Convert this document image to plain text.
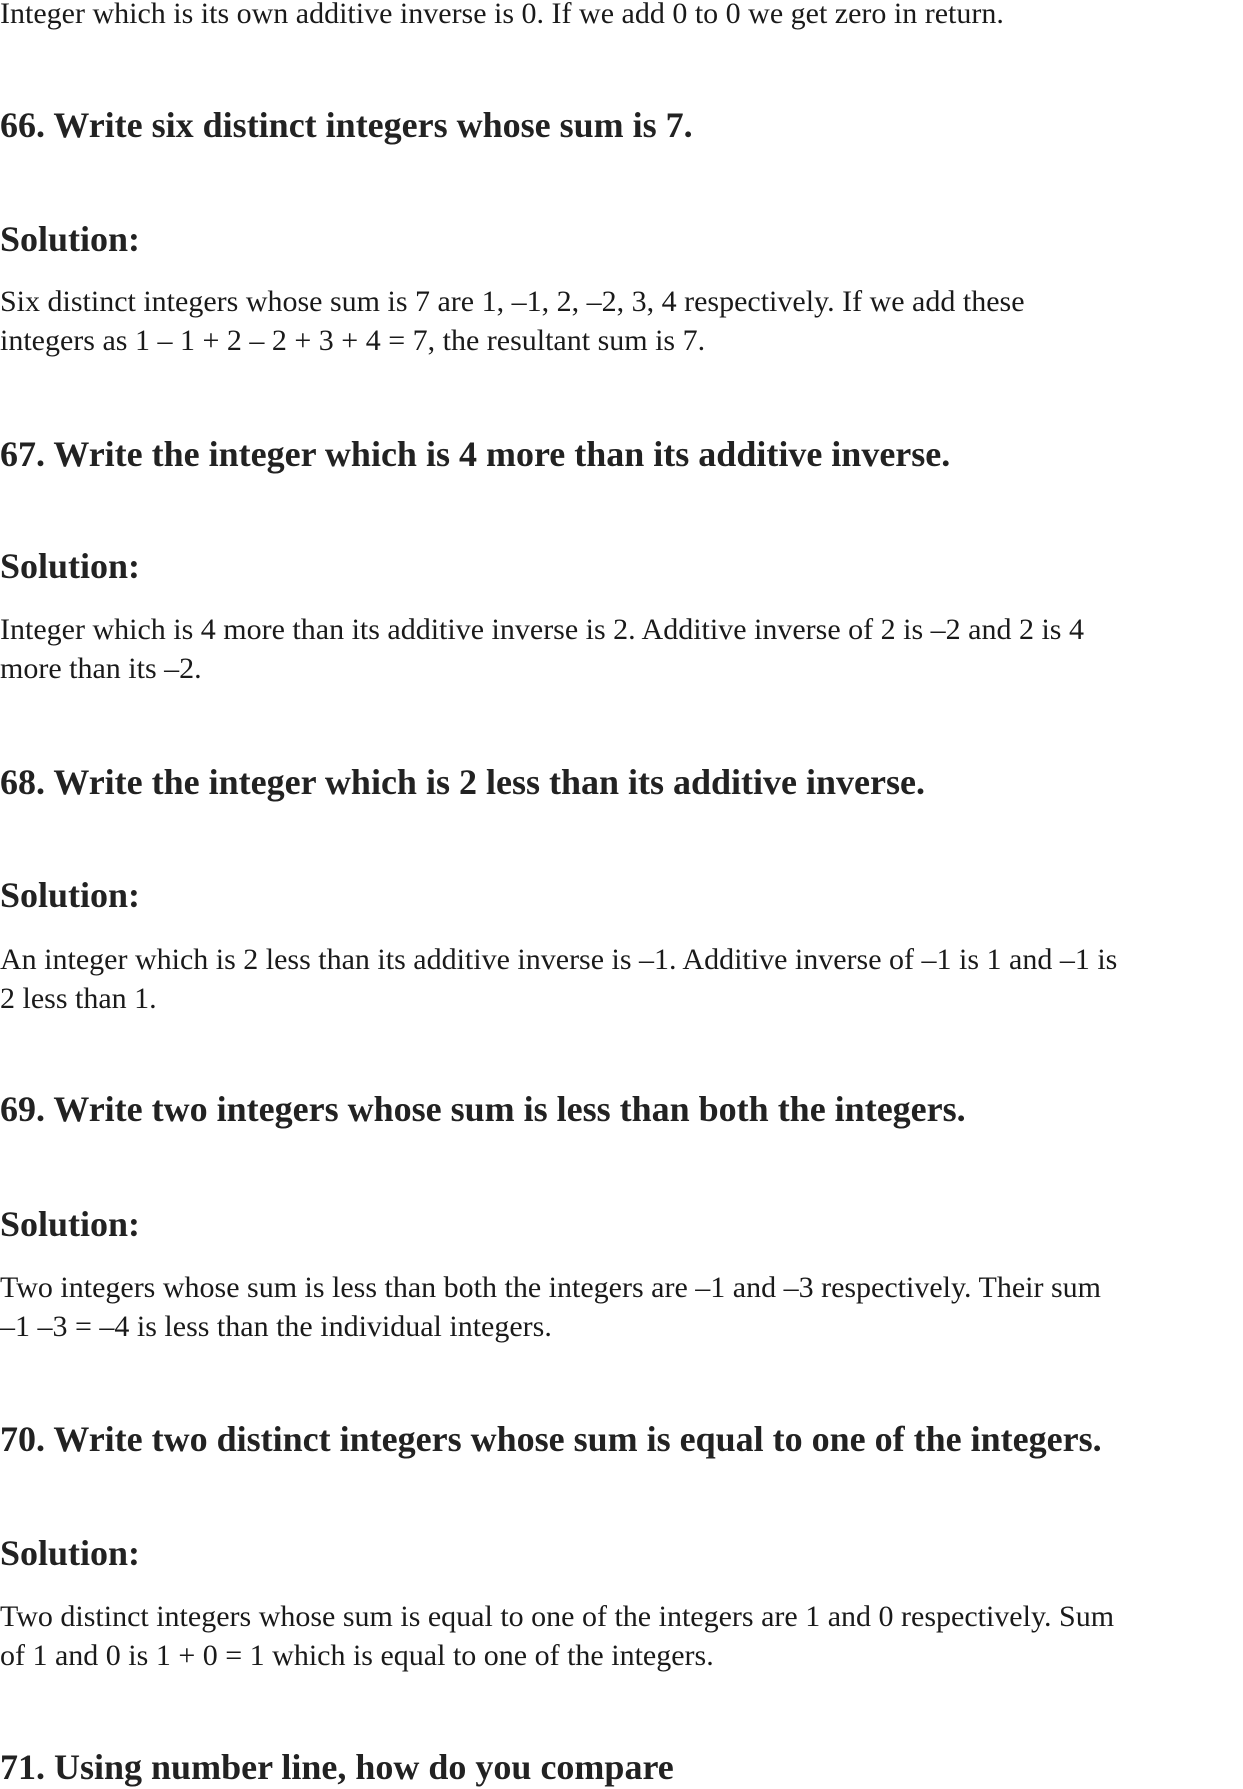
Integer which is its own additive inverse is 0. If we add 0 to 0 we get zero in return.
66. Write six distinct integers whose sum is 7.
Solution:
Six distinct integers whose sum is 7 are 1, –1, 2, –2, 3, 4 respectively. If we add these
integers as 1 – 1 + 2 – 2 + 3 + 4 = 7, the resultant sum is 7.
67. Write the integer which is 4 more than its additive inverse.
Solution:
Integer which is 4 more than its additive inverse is 2. Additive inverse of 2 is –2 and 2 is 4
more than its –2.
68. Write the integer which is 2 less than its additive inverse.
Solution:
An integer which is 2 less than its additive inverse is –1. Additive inverse of –1 is 1 and –1 is
2 less than 1.
69. Write two integers whose sum is less than both the integers.
Solution:
Two integers whose sum is less than both the integers are –1 and –3 respectively. Their sum
–1 –3 = –4 is less than the individual integers.
70. Write two distinct integers whose sum is equal to one of the integers.
Solution:
Two distinct integers whose sum is equal to one of the integers are 1 and 0 respectively. Sum
of 1 and 0 is 1 + 0 = 1 which is equal to one of the integers.
71. Using number line, how do you compare
